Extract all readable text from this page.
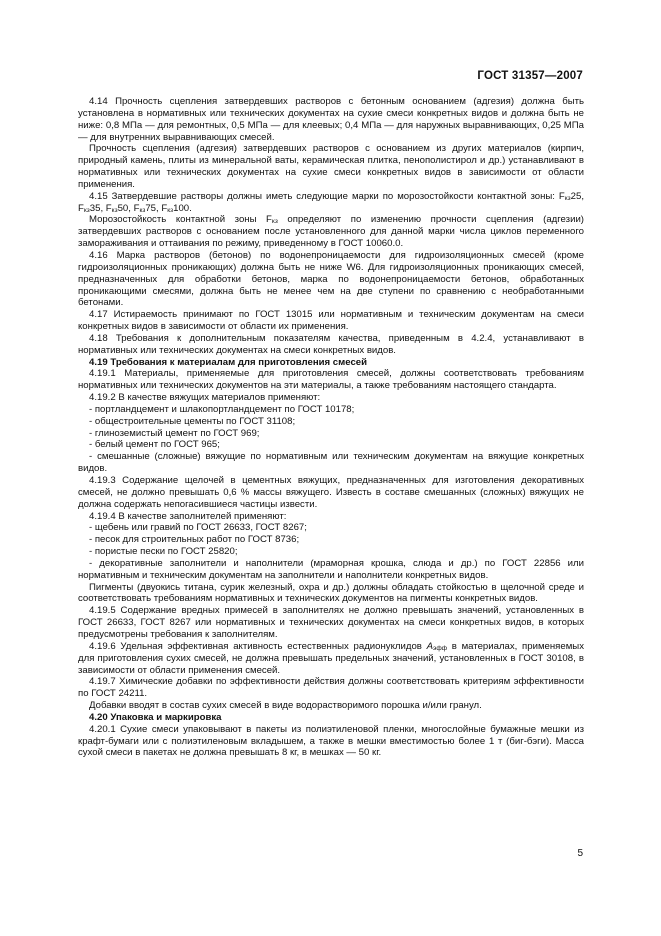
ГОСТ 31357—2007

4.14 Прочность сцепления затвердевших растворов с бетонным основанием (адгезия) должна быть установлена в нормативных или технических документах на сухие смеси конкретных видов и должна быть не ниже: 0,8 МПа — для ремонтных, 0,5 МПа — для клеевых; 0,4 МПа — для наружных выравнивающих, 0,25 МПа — для внутренних выравнивающих смесей.

Прочность сцепления (адгезия) затвердевших растворов с основанием из других материалов (кирпич, природный камень, плиты из минеральной ваты, керамическая плитка, пенополистирол и др.) устанавливают в нормативных или технических документах на сухие смеси конкретных видов в зависимости от области применения.

4.15 Затвердевшие растворы должны иметь следующие марки по морозостойкости контактной зоны: $F_{кз}25$, $F_{кз}35$, $F_{кз}50$, $F_{кз}75$, $F_{кз}100$.

Морозостойкость контактной зоны $F_{кз}$ определяют по изменению прочности сцепления (адгезии) затвердевших растворов с основанием после установленного для данной марки числа циклов переменного замораживания и оттаивания по режиму, приведенному в ГОСТ 10060.0.

4.16 Марка растворов (бетонов) по водонепроницаемости для гидроизоляционных смесей (кроме гидроизоляционных проникающих) должна быть не ниже W6. Для гидроизоляционных проникающих смесей, предназначенных для обработки бетонов, марка по водонепроницаемости бетонов, обработанных проникающими смесями, должна быть не менее чем на две ступени по сравнению с необработанными бетонами.

4.17 Истираемость принимают по ГОСТ 13015 или нормативным и техническим документам на смеси конкретных видов в зависимости от области их применения.

4.18 Требования к дополнительным показателям качества, приведенным в 4.2.4, устанавливают в нормативных или технических документах на смеси конкретных видов.

4.19 Требования к материалам для приготовления смесей

4.19.1 Материалы, применяемые для приготовления смесей, должны соответствовать требованиям нормативных или технических документов на эти материалы, а также требованиям настоящего стандарта.

4.19.2 В качестве вяжущих материалов применяют:

- портландцемент и шлакопортландцемент по ГОСТ 10178;

- общестроительные цементы по ГОСТ 31108;

- глиноземистый цемент по ГОСТ 969;

- белый цемент по ГОСТ 965;

- смешанные (сложные) вяжущие по нормативным или техническим документам на вяжущие конкретных видов.

4.19.3 Содержание щелочей в цементных вяжущих, предназначенных для изготовления декоративных смесей, не должно превышать 0,6 % массы вяжущего. Известь в составе смешанных (сложных) вяжущих не должна содержать непогасившиеся частицы извести.

4.19.4 В качестве заполнителей применяют:

- щебень или гравий по ГОСТ 26633, ГОСТ 8267;

- песок для строительных работ по ГОСТ 8736;

- пористые пески по ГОСТ 25820;

- декоративные заполнители и наполнители (мраморная крошка, слюда и др.) по ГОСТ 22856 или нормативным и техническим документам на заполнители и наполнители конкретных видов.

Пигменты (двуокись титана, сурик железный, охра и др.) должны обладать стойкостью в щелочной среде и соответствовать требованиям нормативных и технических документов на пигменты конкретных видов.

4.19.5 Содержание вредных примесей в заполнителях не должно превышать значений, установленных в ГОСТ 26633, ГОСТ 8267 или нормативных и технических документах на смеси конкретных видов, в которых предусмотрены требования к заполнителям.

4.19.6 Удельная эффективная активность естественных радионуклидов $А_{эфф}$ в материалах, применяемых для приготовления сухих смесей, не должна превышать предельных значений, установленных в ГОСТ 30108, в зависимости от области применения смесей.

4.19.7 Химические добавки по эффективности действия должны соответствовать критериям эффективности по ГОСТ 24211.

Добавки вводят в состав сухих смесей в виде водорастворимого порошка и/или гранул.

4.20 Упаковка и маркировка

4.20.1 Сухие смеси упаковывают в пакеты из полиэтиленовой пленки, многослойные бумажные мешки из крафт-бумаги или с полиэтиленовым вкладышем, а также в мешки вместимостью более 1 т (биг-бэги). Масса сухой смеси в пакетах не должна превышать 8 кг, в мешках — 50 кг.

5
